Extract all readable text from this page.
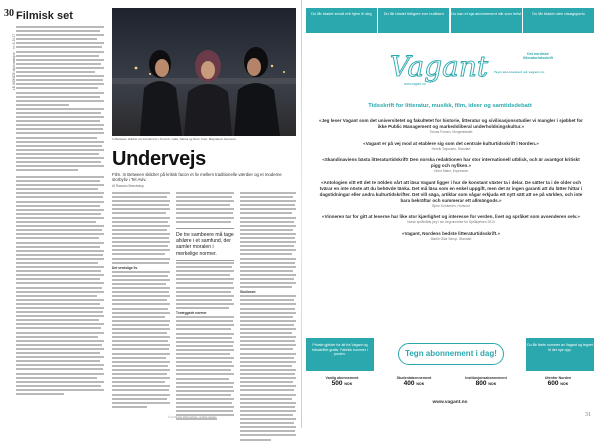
30
LE MONDE diplomatique · nr. 6 2017
Filmisk set
In Between skildrer tre kvinders liv i Tel Aviv: Laila, Salma og Nour. Foto: Maysaloun Hamoud
Undervejs
Film. In Between skildrer på kritisk facon et liv mellem traditionelle værdier og et moderne storbyliv i Tel Aviv.
Af Rasmus Brendstrup
Det verdslige liv
De tre sambeere må tage afsløre i et samfund, der samler moralen i merkelige normer.
Tveæggede normer
Skoliosen
© Le Monde diplomatique, nordisk udgave
Du får bladet sendt rett hjem til deg	Du får bladet tidligere enn butikken	Du kan et sjø abonnement når som helst	Du får bladet uten utsøgsporto
Vagant Tegn abonnement på vagant.no
www.vagant.no
Det nordiske litteraturtidsskrift
Tidsskrift for litteratur, musikk, film, ideer og samtidsdebatt
«Jeg leser Vagant som det universitetet og fakultetet for historie, litteratur og sivilisasjonsstudier vi mangler i sjøbbet for ikke Public Management og markedsliberal underholdningskultur.»
Tomas Forsen, Morgenbladet
«Vagant er på vej mod at etablere sig som det centrale kulturtidsskrift i Norden.»
Henrik Torjussen, Standart
«Skandinaviens bästa litteraturtidskrift! Den norska redaktionen har stor internationell utblick, och är avantgot kritiskt pigg och nyfiken.»
Victor Malm, Expressen
«Antologien vitt ett det te nölden vårt att läsa Vagant ligger i hur de konstant växter ta i delar. De sätter ta i de older och tvärar en inte nöste att du behövde tänka. Det må läsa som en enkel uppgift, men det är ingen garanti att du lätter hittar i dagstidningar eller andra kulturtidskrifter. Det vill säga, artiklar som vågar erkjuda ett nytt sätt att se på världen, och inte bara bekräftar och summerar ett allmängods.»
Björn Kohlström, Horisont
«Vinneren tar for gitt at leserne har like stor kjærlighet og interesse for verden, livet og språket som avsenderen selv.»
Norsk språkråds jury i sin begrunnelse for Språkprisen 2014
«Vagant, Nordens bedste litteraturtidsskrift.»
Martin Glaz Serup, Standart
Private gjelder for alt fra Vagant og tidsskriftet gratis. Fabrikk kommer i posten.	Tegn abonnement i dag!
Du får årets nummer av Vagant og tegnet til det nye opp.
Vanlig abonnement
500 NOK
Studentabonnement
400 NOK
Institusjonsabonnement
800 NOK
Utenfor Norden
600 NOK
www.vagant.no
31
